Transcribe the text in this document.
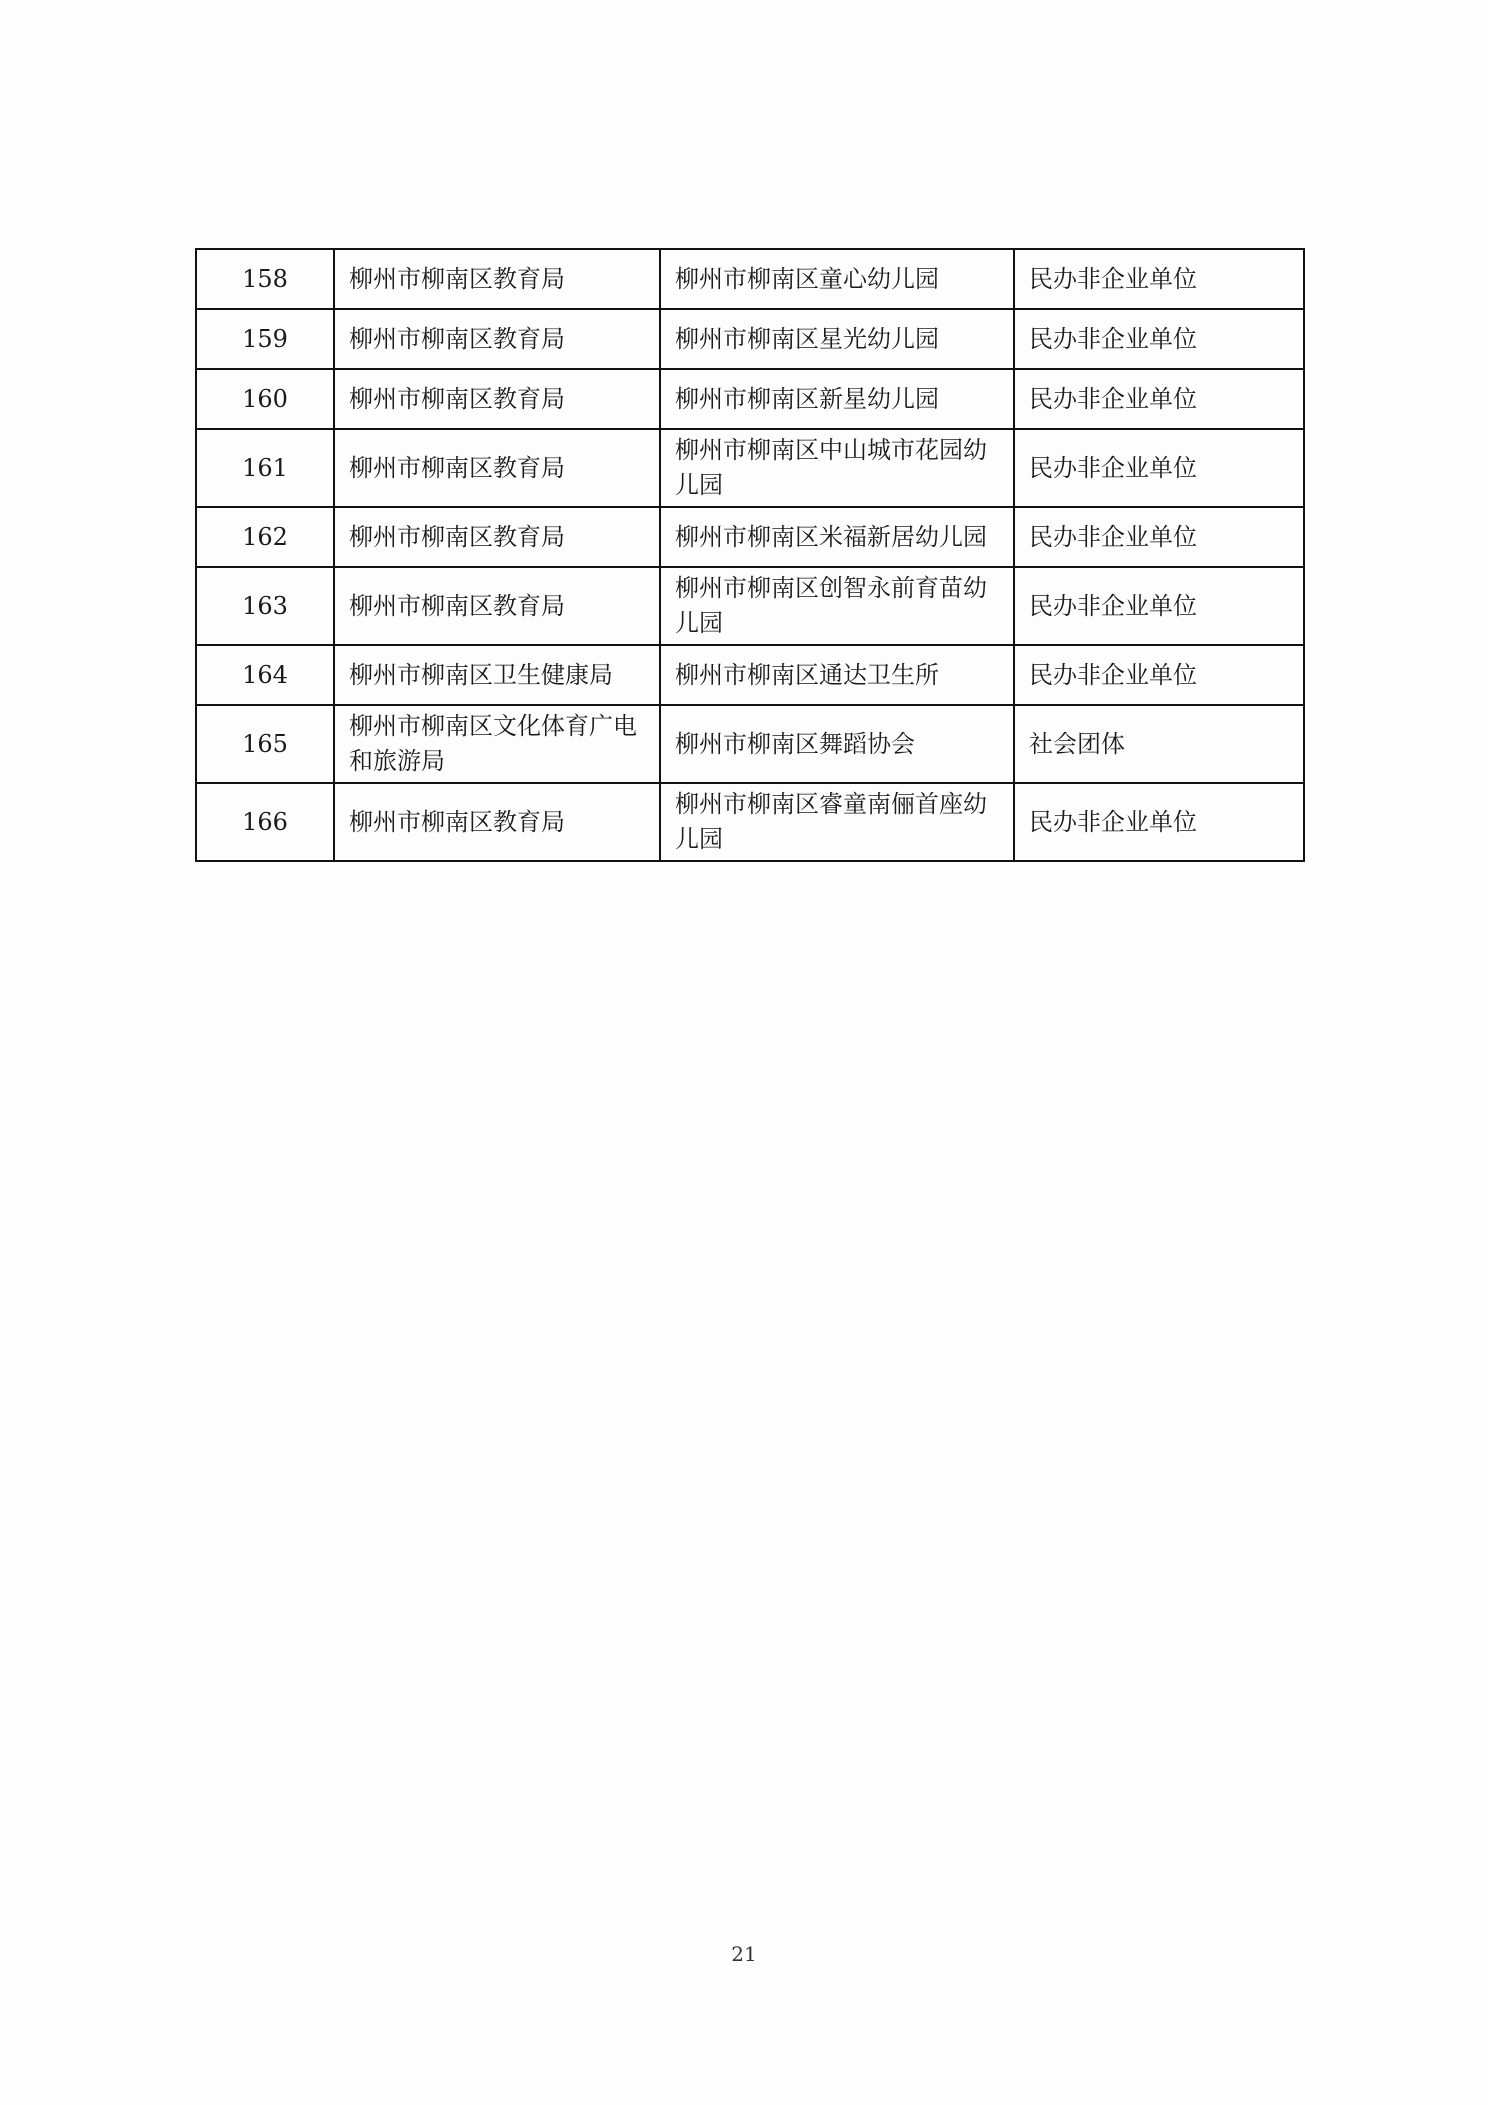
158	柳州市柳南区教育局	柳州市柳南区童心幼儿园	民办非企业单位
159	柳州市柳南区教育局	柳州市柳南区星光幼儿园	民办非企业单位
160	柳州市柳南区教育局	柳州市柳南区新星幼儿园	民办非企业单位
161	柳州市柳南区教育局	柳州市柳南区中山城市花园幼儿园	民办非企业单位
162	柳州市柳南区教育局	柳州市柳南区米福新居幼儿园	民办非企业单位
163	柳州市柳南区教育局	柳州市柳南区创智永前育苗幼儿园	民办非企业单位
164	柳州市柳南区卫生健康局	柳州市柳南区通达卫生所	民办非企业单位
165	柳州市柳南区文化体育广电和旅游局	柳州市柳南区舞蹈协会	社会团体
166	柳州市柳南区教育局	柳州市柳南区睿童南俪首座幼儿园	民办非企业单位
21
